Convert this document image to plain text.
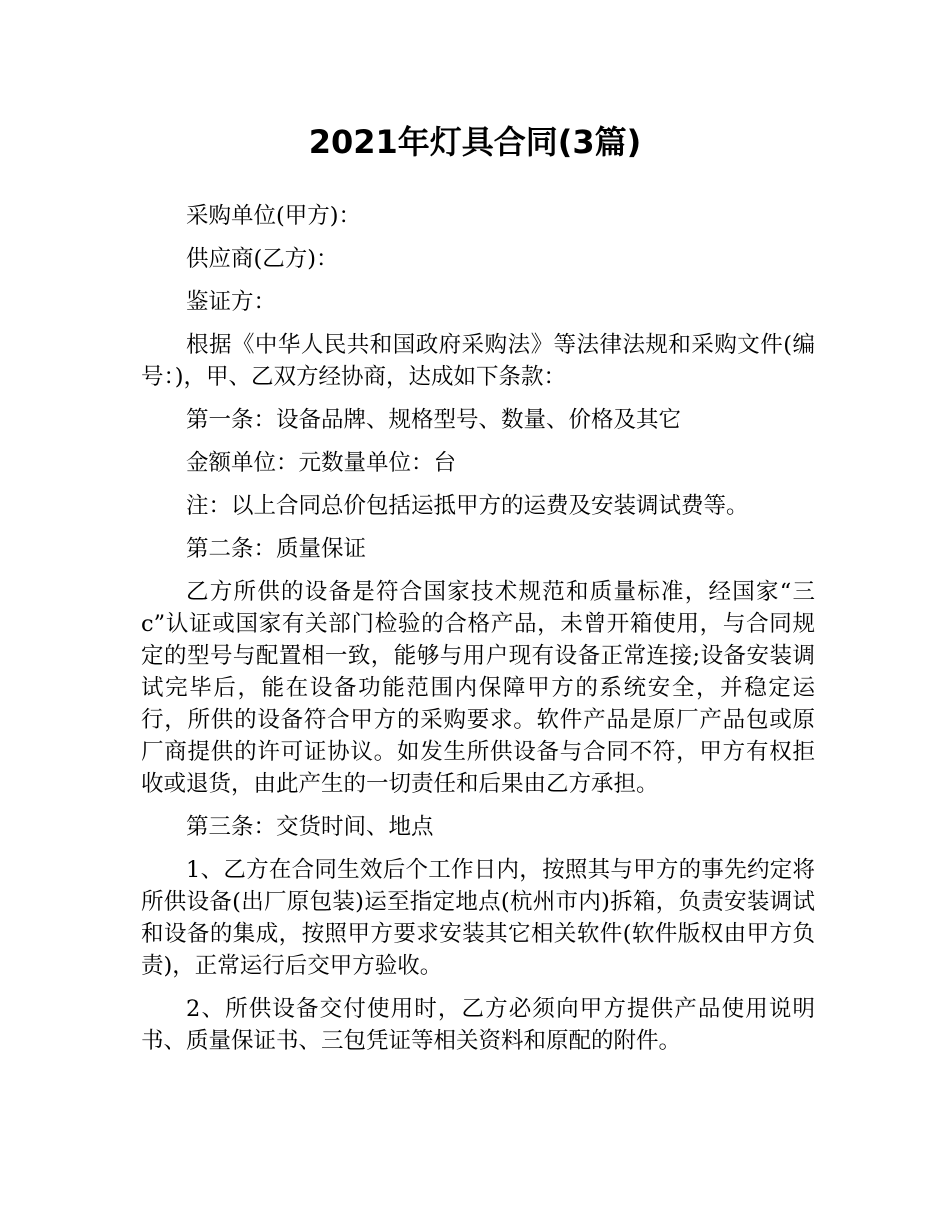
2021年灯具合同(3篇)

采购单位(甲方)：

供应商(乙方)：

鉴证方：

根据《中华人民共和国政府采购法》等法律法规和采购文件(编号：)，甲、乙双方经协商，达成如下条款：

第一条：设备品牌、规格型号、数量、价格及其它

金额单位：元数量单位：台

注：以上合同总价包括运抵甲方的运费及安装调试费等。

第二条：质量保证

乙方所供的设备是符合国家技术规范和质量标准，经国家“三c”认证或国家有关部门检验的合格产品，未曾开箱使用，与合同规定的型号与配置相一致，能够与用户现有设备正常连接;设备安装调试完毕后，能在设备功能范围内保障甲方的系统安全，并稳定运行，所供的设备符合甲方的采购要求。软件产品是原厂产品包或原厂商提供的许可证协议。如发生所供设备与合同不符，甲方有权拒收或退货，由此产生的一切责任和后果由乙方承担。

第三条：交货时间、地点

1、乙方在合同生效后个工作日内，按照其与甲方的事先约定将所供设备(出厂原包装)运至指定地点(杭州市内)拆箱，负责安装调试和设备的集成，按照甲方要求安装其它相关软件(软件版权由甲方负责)，正常运行后交甲方验收。

2、所供设备交付使用时，乙方必须向甲方提供产品使用说明书、质量保证书、三包凭证等相关资料和原配的附件。
